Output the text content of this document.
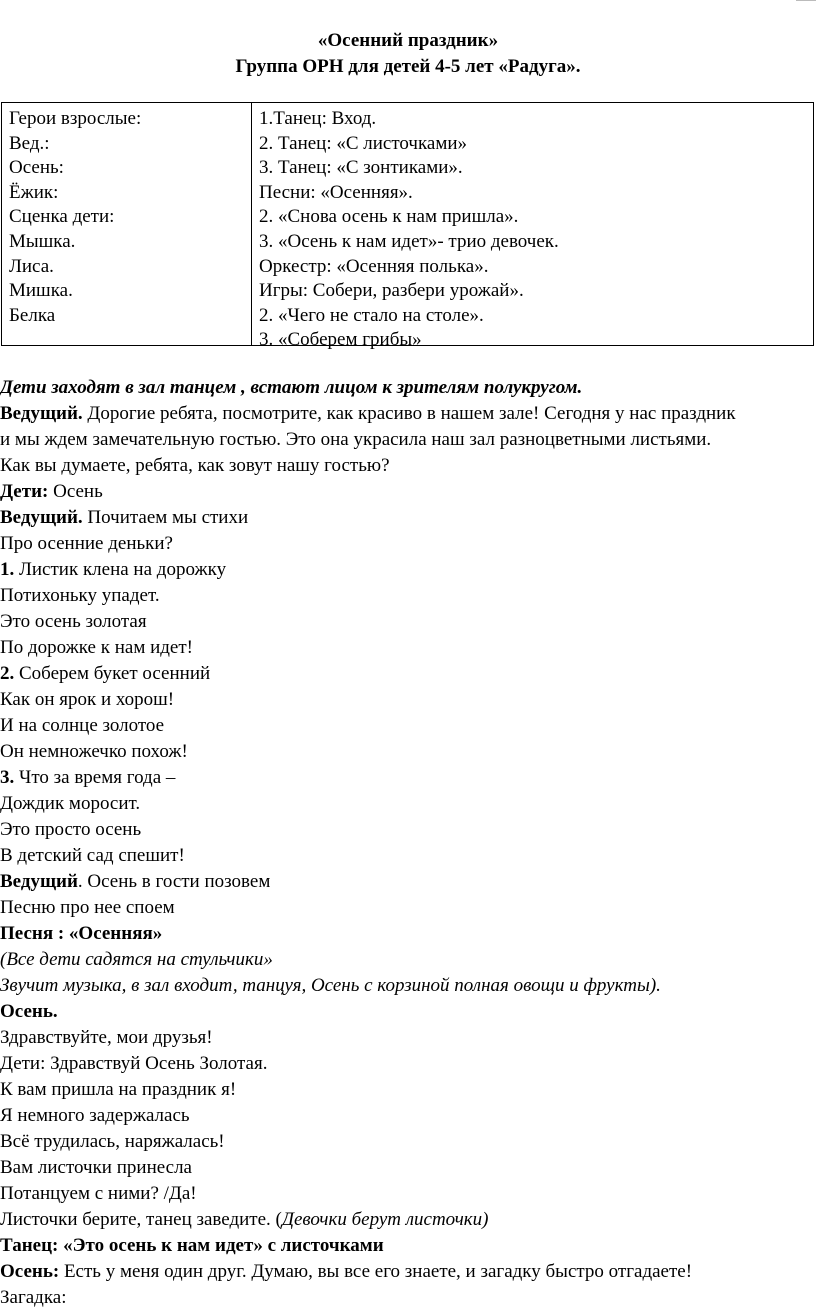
«Осенний праздник»
Группа ОРН для детей 4-5 лет «Радуга».
Герои взрослые:
Вед.:
Осень:
Ёжик:
Сценка дети:
Мышка.
Лиса.
Мишка.
Белка
1.Танец: Вход.
2. Танец: «С листочками»
3. Танец: «С зонтиками».
Песни: «Осенняя».
2. «Снова осень к нам пришла».
3. «Осень к нам идет»- трио девочек.
Оркестр: «Осенняя полька».
Игры: Собери, разбери урожай».
2. «Чего не стало на столе».
3. «Соберем грибы»
Дети заходят в зал танцем , встают лицом к зрителям полукругом.
Ведущий. Дорогие ребята, посмотрите, как красиво в нашем зале! Сегодня у нас праздник
и мы ждем замечательную гостью. Это она украсила наш зал разноцветными листьями.
Как вы думаете, ребята, как зовут нашу гостью?
Дети: Осень
Ведущий. Почитаем мы стихи
Про осенние деньки?
1. Листик клена на дорожку
Потихоньку упадет.
Это осень золотая
По дорожке к нам идет!
2. Соберем букет осенний
Как он ярок и хорош!
И на солнце золотое
Он немножечко похож!
3. Что за время года –
Дождик моросит.
Это просто осень
В детский сад спешит!
Ведущий. Осень в гости позовем
Песню про нее споем
Песня : «Осенняя»
(Все дети садятся на стульчики»
Звучит музыка, в зал входит, танцуя, Осень с корзиной полная овощи и фрукты).
Осень.
Здравствуйте, мои друзья!
Дети: Здравствуй Осень Золотая.
К вам пришла на праздник я!
Я немного задержалась
Всё трудилась, наряжалась!
Вам листочки принесла
Потанцуем с ними? /Да!
Листочки берите, танец заведите. (Девочки берут листочки)
Танец: «Это осень к нам идет» с листочками
Осень: Есть у меня один друг. Думаю, вы все его знаете, и загадку быстро отгадаете!
Загадка:
